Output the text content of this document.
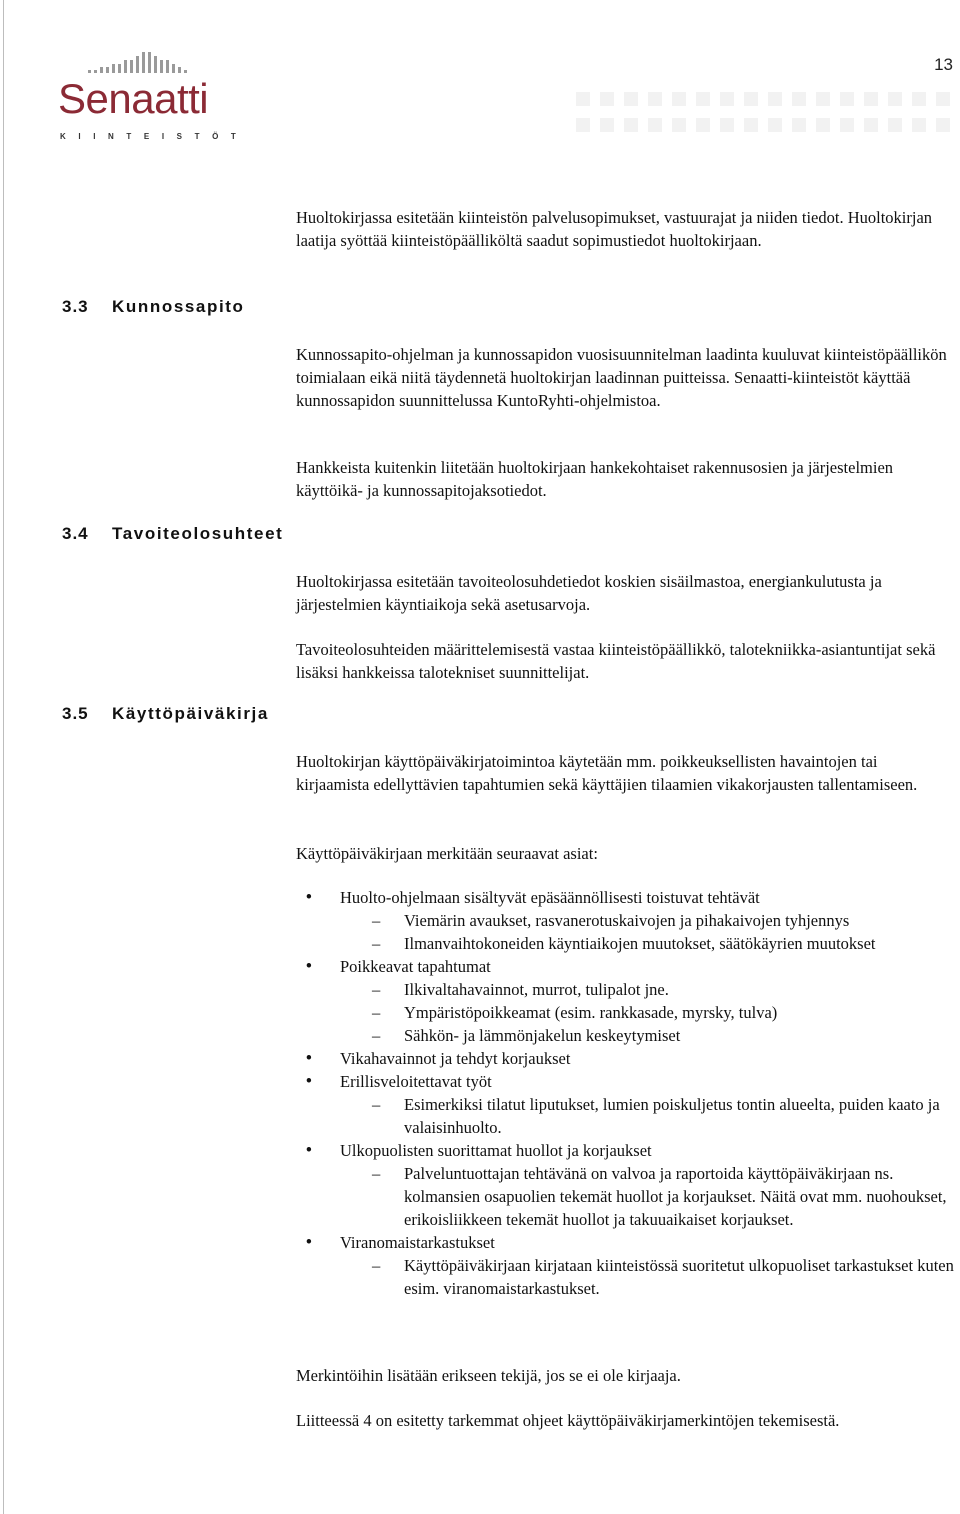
13
Senaatti
KIINTEISTÖT

Huoltokirjassa esitetään kiinteistön palvelusopimukset, vastuurajat ja niiden tiedot. Huoltokirjan laatija syöttää kiinteistöpäälliköltä saadut sopimustiedot huoltokirjaan.

3.3 Kunnossapito

Kunnossapito-ohjelman ja kunnossapidon vuosisuunnitelman laadinta kuuluvat kiinteistöpäällikön toimialaan eikä niitä täydennetä huoltokirjan laadinnan puitteissa. Senaatti-kiinteistöt käyttää kunnossapidon suunnittelussa KuntoRyhti-ohjelmistoa.

Hankkeista kuitenkin liitetään huoltokirjaan hankekohtaiset rakennusosien ja järjestelmien käyttöikä- ja kunnossapitojaksotiedot.

3.4 Tavoiteolosuhteet

Huoltokirjassa esitetään tavoiteolosuhdetiedot koskien sisäilmastoa, energiankulutusta ja järjestelmien käyntiaikoja sekä asetusarvoja.

Tavoiteolosuhteiden määrittelemisestä vastaa kiinteistöpäällikkö, talotekniikka-asiantuntijat sekä lisäksi hankkeissa talotekniset suunnittelijat.

3.5 Käyttöpäiväkirja

Huoltokirjan käyttöpäiväkirjatoimintoa käytetään mm. poikkeuksellisten havaintojen tai kirjaamista edellyttävien tapahtumien sekä käyttäjien tilaamien vikakorjausten tallentamiseen.

Käyttöpäiväkirjaan merkitään seuraavat asiat:

• Huolto-ohjelmaan sisältyvät epäsäännöllisesti toistuvat tehtävät
– Viemärin avaukset, rasvanerotuskaivojen ja pihakaivojen tyhjennys
– Ilmanvaihtokoneiden käyntiaikojen muutokset, säätökäyrien muutokset
• Poikkeavat tapahtumat
– Ilkivaltahavainnot, murrot, tulipalot jne.
– Ympäristöpoikkeamat (esim. rankkasade, myrsky, tulva)
– Sähkön- ja lämmönjakelun keskeytymiset
• Vikahavainnot ja tehdyt korjaukset
• Erillisveloitettavat työt
– Esimerkiksi tilatut liputukset, lumien poiskuljetus tontin alueelta, puiden kaato ja valaisinhuolto.
• Ulkopuolisten suorittamat huollot ja korjaukset
– Palveluntuottajan tehtävänä on valvoa ja raportoida käyttöpäiväkirjaan ns. kolmansien osapuolien tekemät huollot ja korjaukset. Näitä ovat mm. nuohoukset, erikoisliikkeen tekemät huollot ja takuuaikaiset korjaukset.
• Viranomaistarkastukset
– Käyttöpäiväkirjaan kirjataan kiinteistössä suoritetut ulkopuoliset tarkastukset kuten esim. viranomaistarkastukset.

Merkintöihin lisätään erikseen tekijä, jos se ei ole kirjaaja.

Liitteessä 4 on esitetty tarkemmat ohjeet käyttöpäiväkirjamerkintöjen tekemisestä.
